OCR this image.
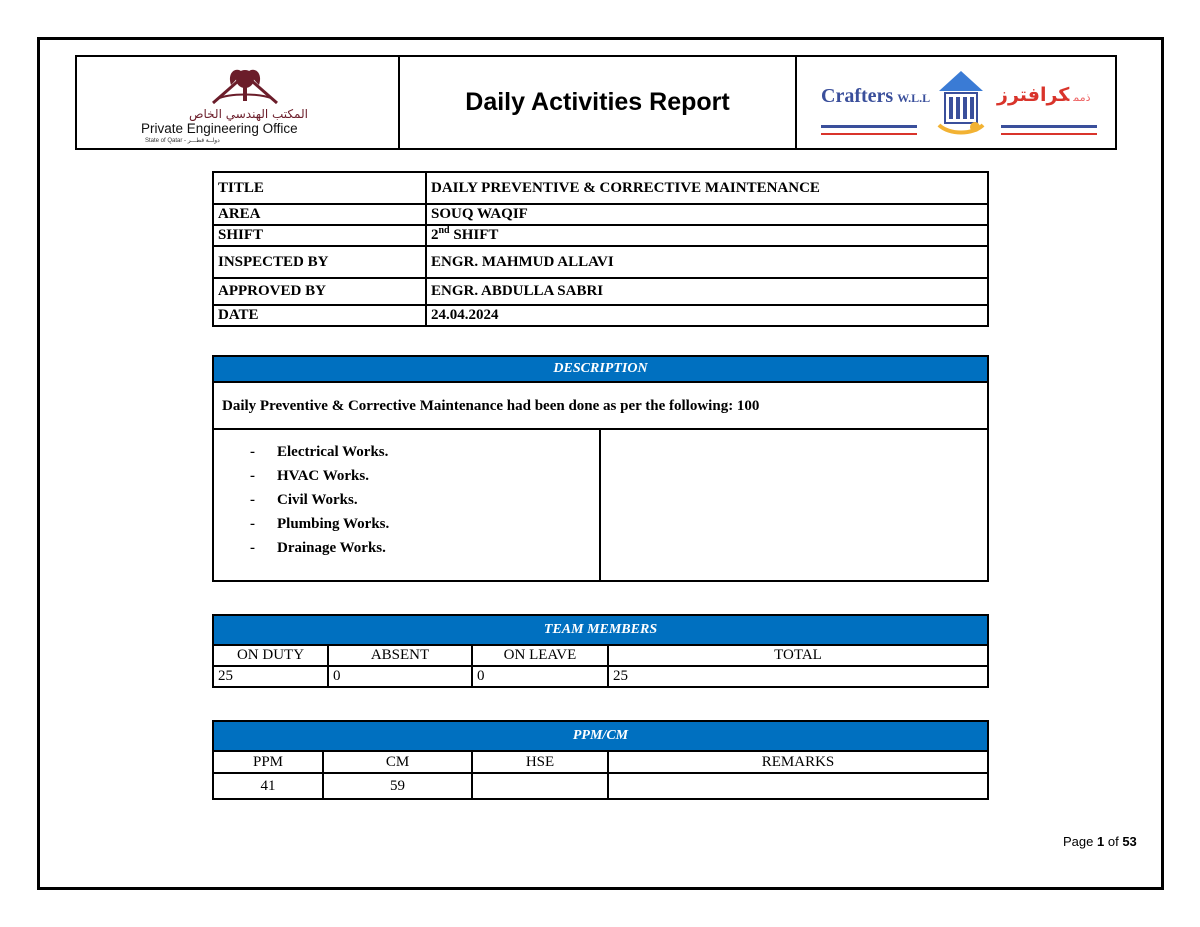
المكتب الهندسي الخاص
Private Engineering Office
State of Qatar - دولــة قطـــر
Daily Activities Report	Crafters W.L.L	ذممكرافترز
TITLE	DAILY PREVENTIVE & CORRECTIVE MAINTENANCE
AREA	SOUQ WAQIF
SHIFT	2nd SHIFT
INSPECTED BY	ENGR. MAHMUD ALLAVI
APPROVED BY	ENGR. ABDULLA SABRI
DATE	24.04.2024
DESCRIPTION
Daily Preventive & Corrective Maintenance had been done as per the following: 100
- Electrical Works.
- HVAC Works.
- Civil Works.
- Plumbing Works.
- Drainage Works.
TEAM MEMBERS
ON DUTY	ABSENT	ON LEAVE	TOTAL
25	0	0	25
PPM/CM
PPM	CM	HSE	REMARKS
41	59		
Page 1 of 53
